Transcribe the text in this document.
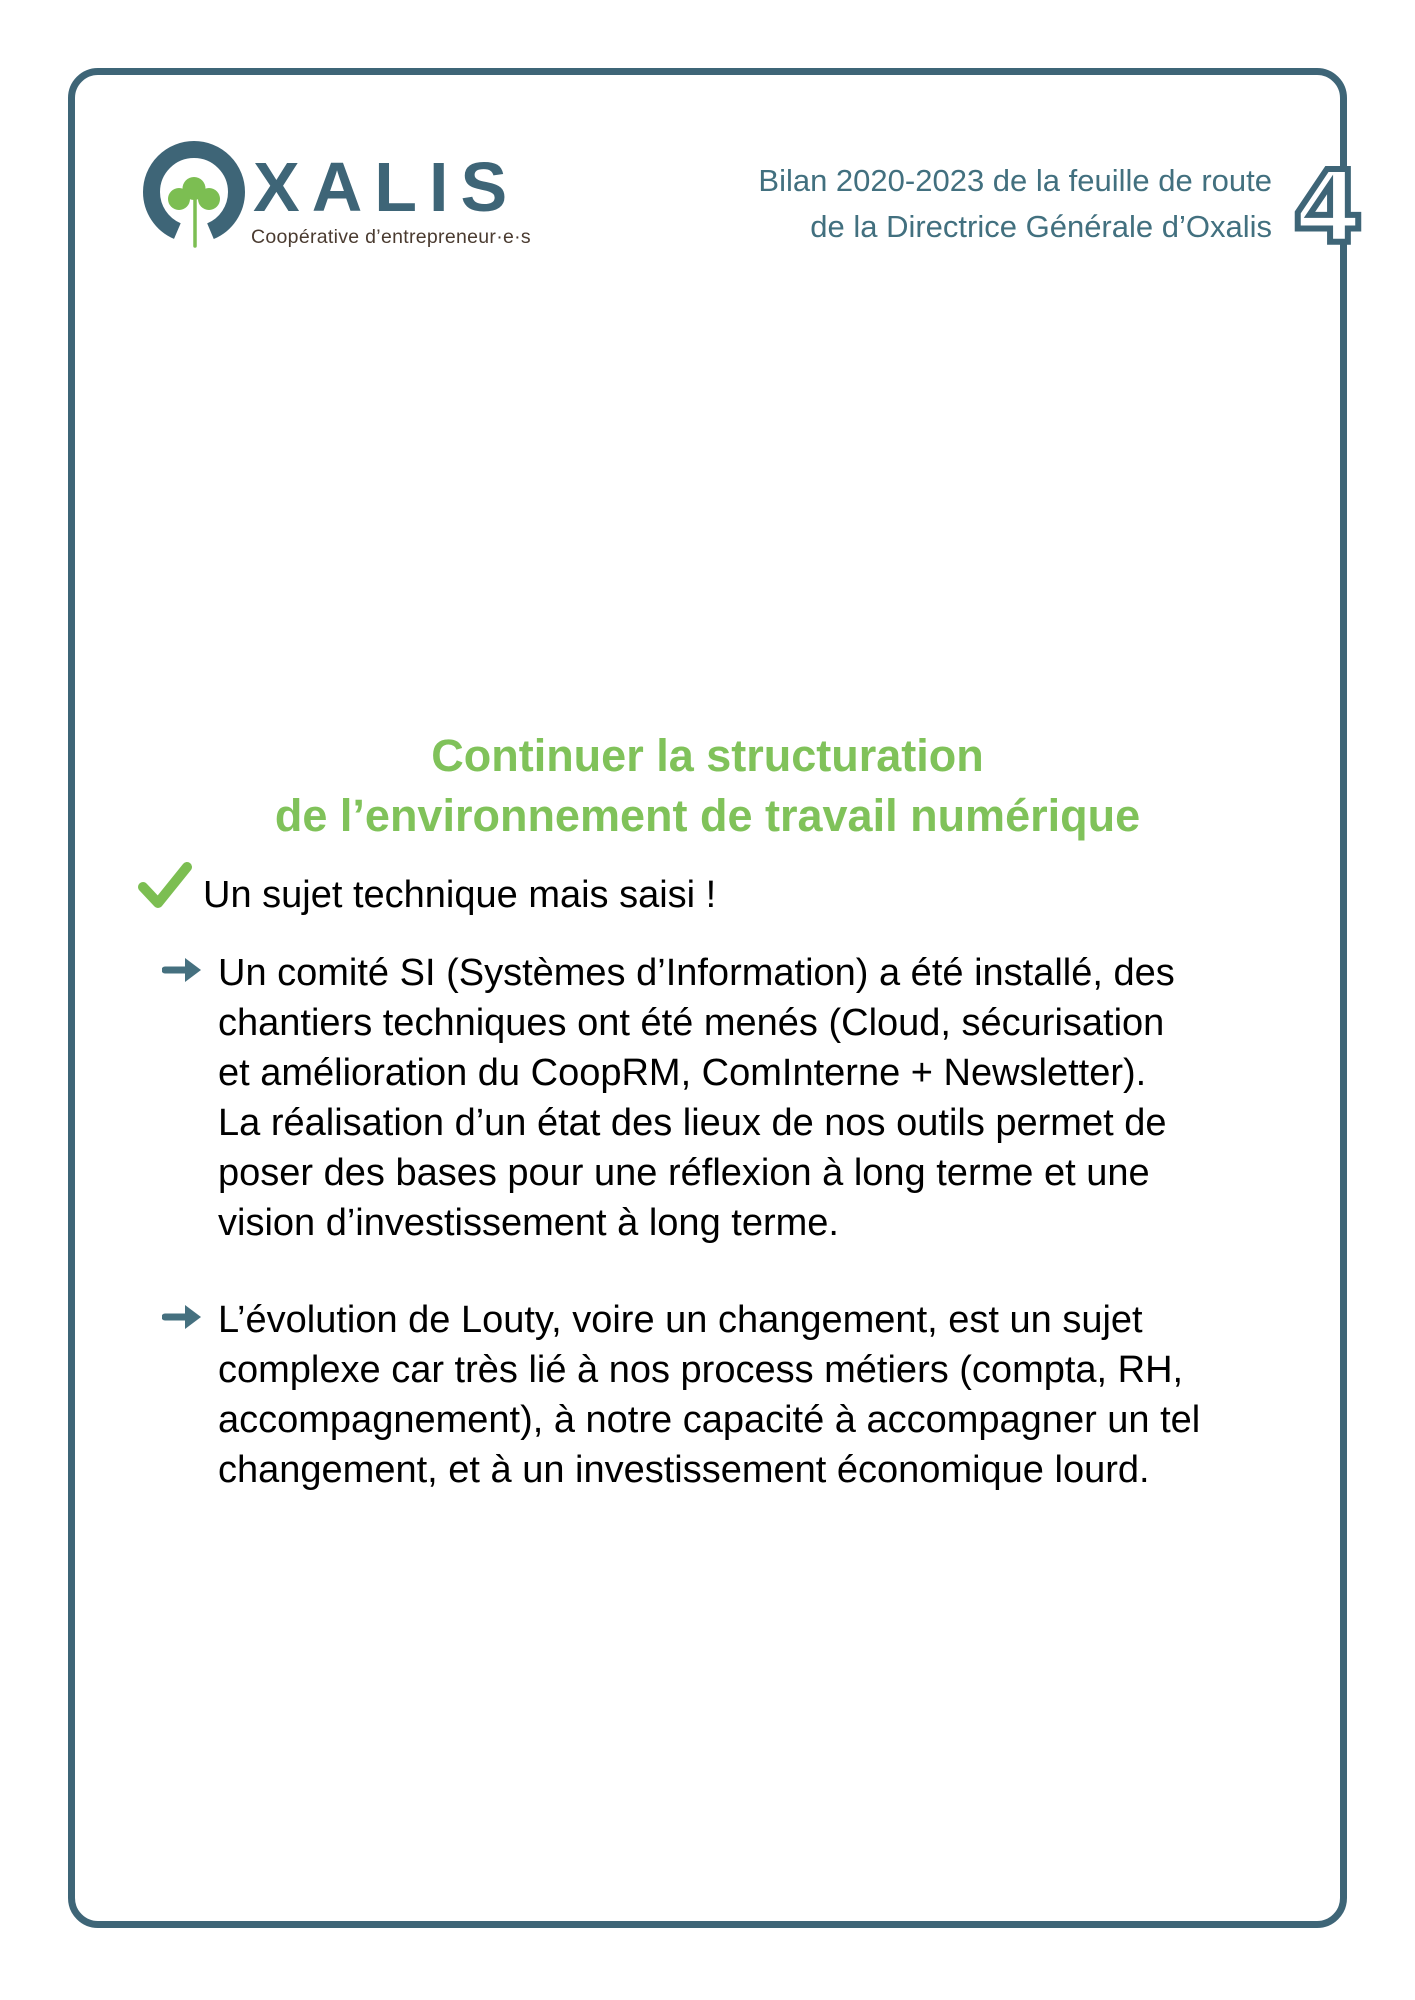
XALIS
Coopérative d’entrepreneur·e·s
Bilan 2020-2023 de la feuille de route
de la Directrice Générale d’Oxalis 4
Continuer la structuration
de l’environnement de travail numérique
Un sujet technique mais saisi !
Un comité SI (Systèmes d’Information) a été installé, des
chantiers techniques ont été menés (Cloud, sécurisation
et amélioration du CoopRM, ComInterne + Newsletter).
La réalisation d’un état des lieux de nos outils permet de
poser des bases pour une réflexion à long terme et une
vision d’investissement à long terme.
L’évolution de Louty, voire un changement, est un sujet
complexe car très lié à nos process métiers (compta, RH,
accompagnement), à notre capacité à accompagner un tel
changement, et à un investissement économique lourd.
